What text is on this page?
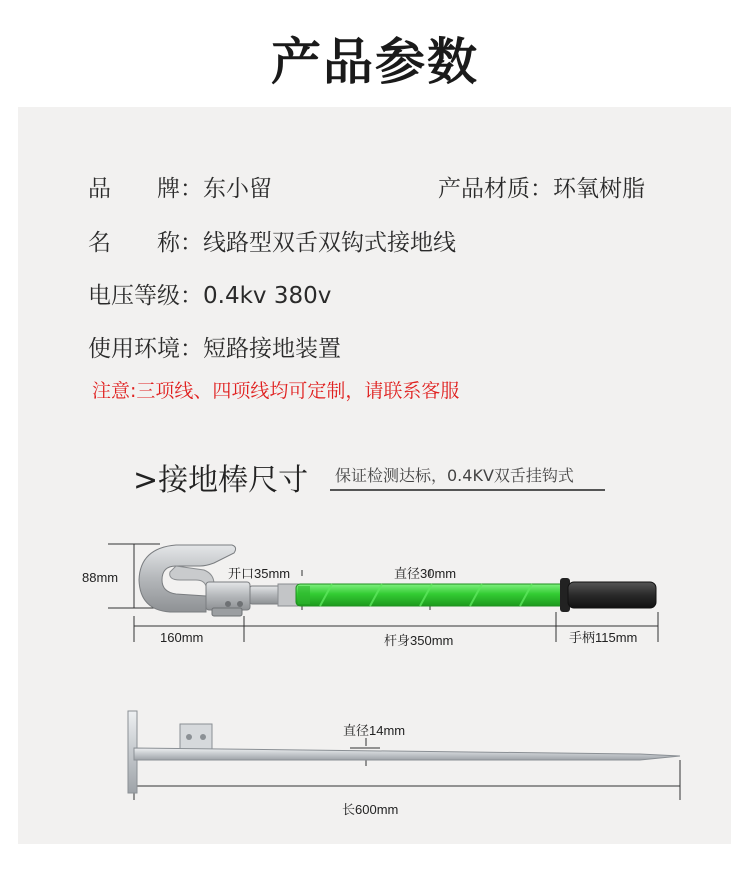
产品参数
品　　牌：东小留	产品材质：环氧树脂
名　　称：线路型双舌双钩式接地线
电压等级：0.4kv 380v
使用环境：短路接地装置
注意:三项线、四项线均可定制，请联系客服
>接地棒尺寸 保证检测达标，0.4KV双舌挂钩式
88mm	开口35mm	直径30mm
160mm	杆身350mm	手柄115mm
直径14mm
长600mm
